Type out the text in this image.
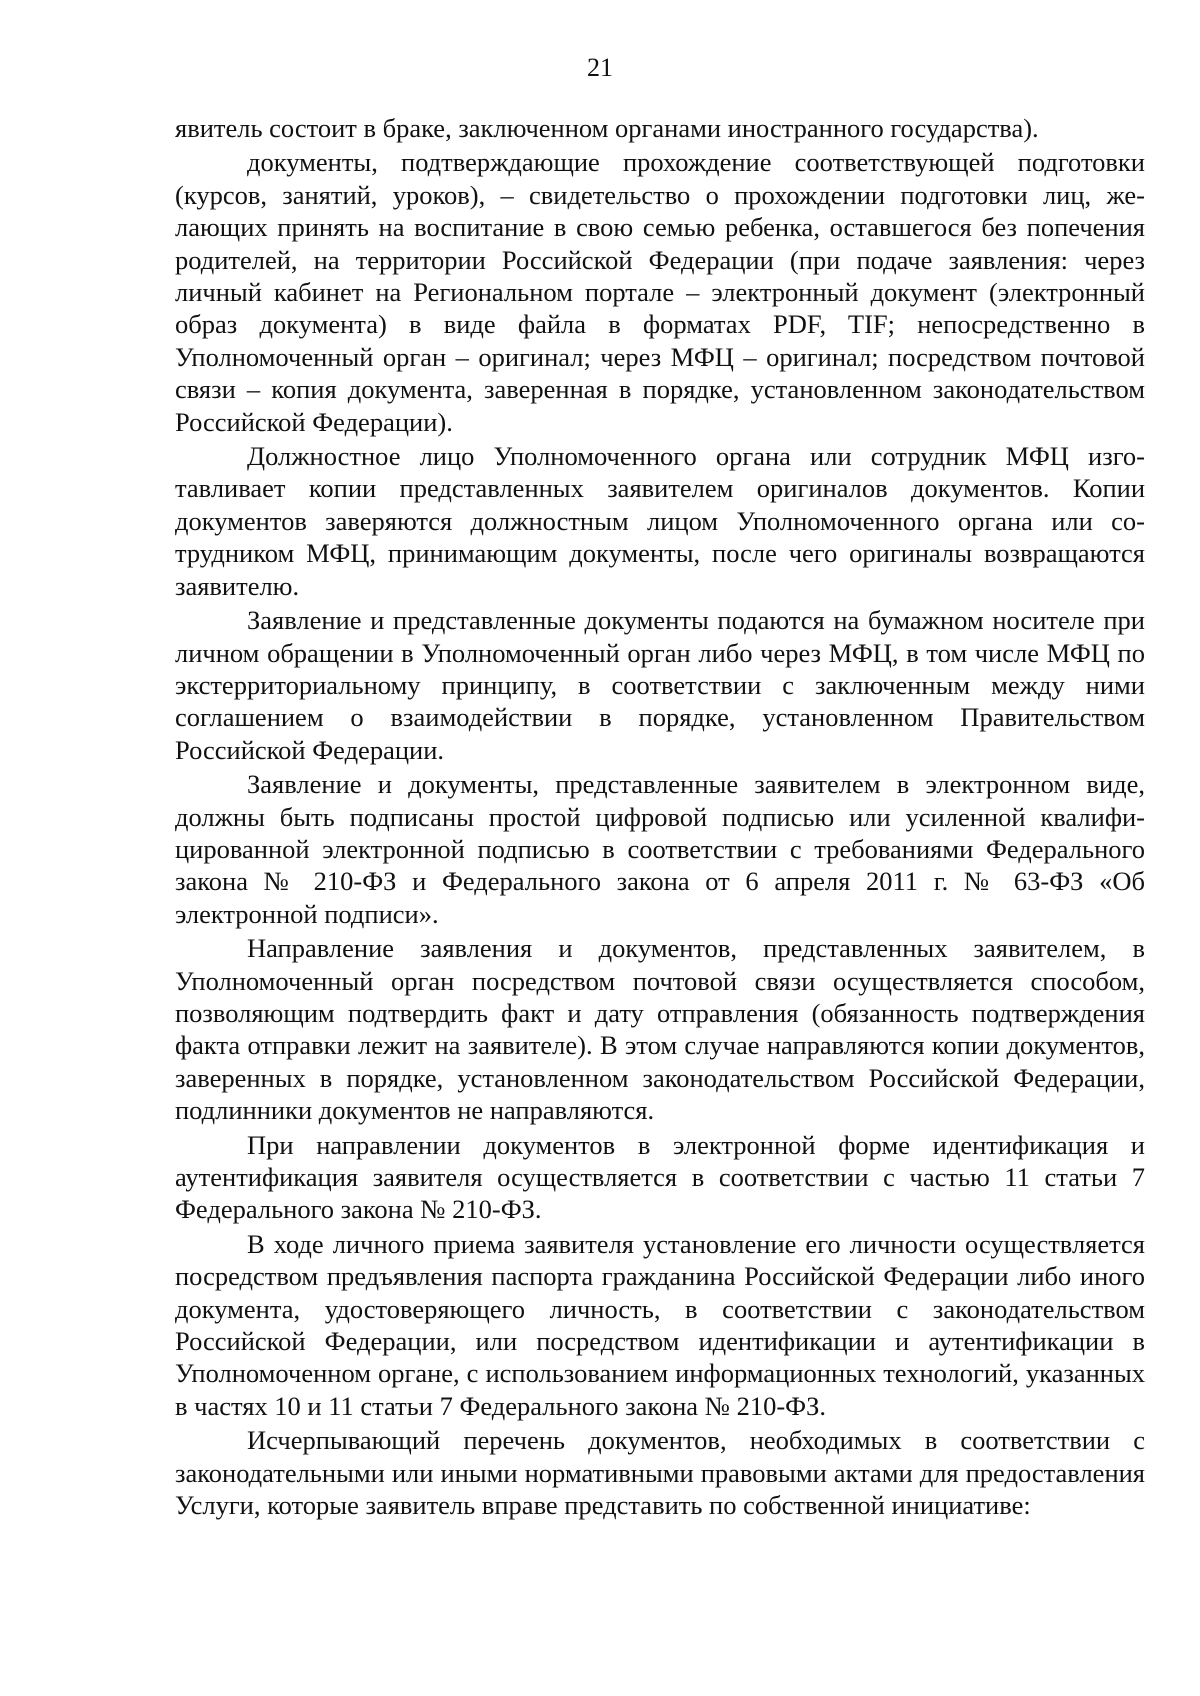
21

явитель состоит в браке, заключенном органами иностранного государства).

документы, подтверждающие прохождение соответствующей подготовки (курсов, занятий, уроков), – свидетельство о прохождении подготовки лиц, желающих принять на воспитание в свою семью ребенка, оставшегося без попечения родителей, на территории Российской Федерации (при подаче заявления: через личный кабинет на Региональном портале – электронный документ (электронный образ документа) в виде файла в форматах PDF, TIF; непосредственно в Уполномоченный орган – оригинал; через МФЦ – оригинал; посредством почтовой связи – копия документа, заверенная в порядке, установленном законодательством Российской Федерации).

Должностное лицо Уполномоченного органа или сотрудник МФЦ изготавливает копии представленных заявителем оригиналов документов. Копии документов заверяются должностным лицом Уполномоченного органа или сотрудником МФЦ, принимающим документы, после чего оригиналы возвращаются заявителю.

Заявление и представленные документы подаются на бумажном носителе при личном обращении в Уполномоченный орган либо через МФЦ, в том числе МФЦ по экстерриториальному принципу, в соответствии с заключенным между ними соглашением о взаимодействии в порядке, установленном Правительством Российской Федерации.

Заявление и документы, представленные заявителем в электронном виде, должны быть подписаны простой цифровой подписью или усиленной квалифицированной электронной подписью в соответствии с требованиями Федерального закона № 210-ФЗ и Федерального закона от 6 апреля 2011 г. № 63-ФЗ «Об электронной подписи».

Направление заявления и документов, представленных заявителем, в Уполномоченный орган посредством почтовой связи осуществляется способом, позволяющим подтвердить факт и дату отправления (обязанность подтверждения факта отправки лежит на заявителе). В этом случае направляются копии документов, заверенных в порядке, установленном законодательством Российской Федерации, подлинники документов не направляются.

При направлении документов в электронной форме идентификация и аутентификация заявителя осуществляется в соответствии с частью 11 статьи 7 Федерального закона № 210-ФЗ.

В ходе личного приема заявителя установление его личности осуществляется посредством предъявления паспорта гражданина Российской Федерации либо иного документа, удостоверяющего личность, в соответствии с законодательством Российской Федерации, или посредством идентификации и аутентификации в Уполномоченном органе, с использованием информационных технологий, указанных в частях 10 и 11 статьи 7 Федерального закона № 210-ФЗ.

Исчерпывающий перечень документов, необходимых в соответствии с законодательными или иными нормативными правовыми актами для предоставления Услуги, которые заявитель вправе представить по собственной инициативе:
